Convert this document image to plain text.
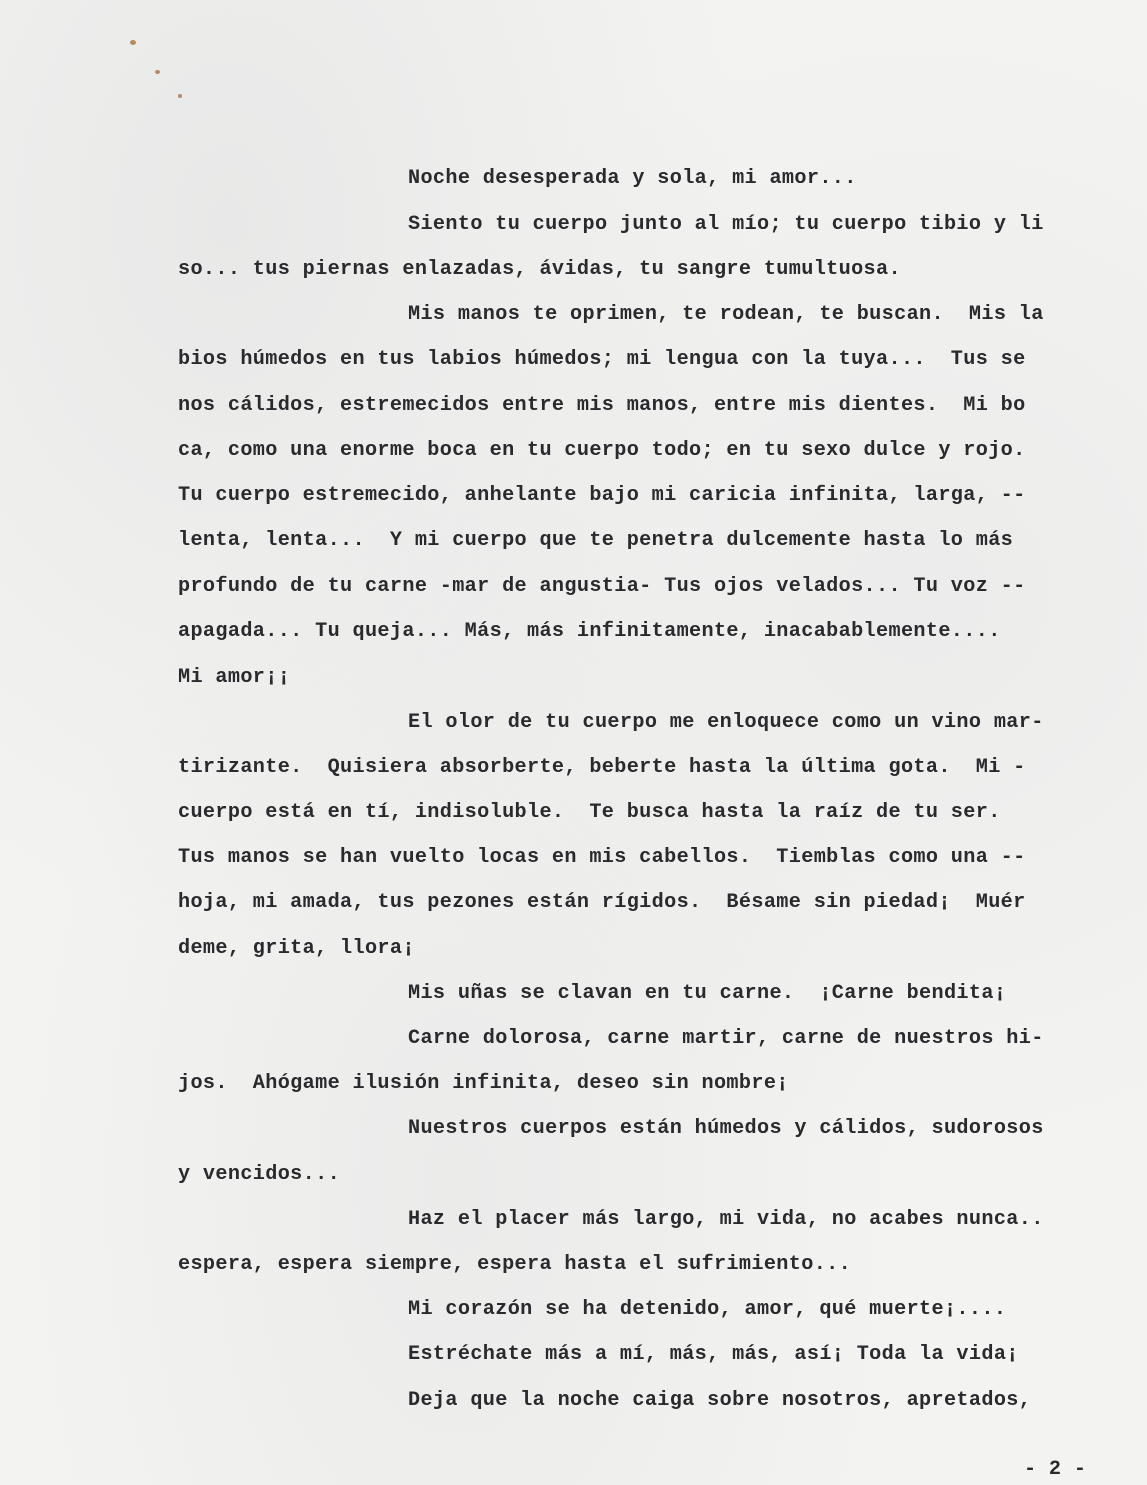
Noche desesperada y sola, mi amor...

Siento tu cuerpo junto al mío; tu cuerpo tibio y li

so... tus piernas enlazadas, ávidas, tu sangre tumultuosa.

Mis manos te oprimen, te rodean, te buscan.  Mis la

bios húmedos en tus labios húmedos; mi lengua con la tuya...  Tus se

nos cálidos, estremecidos entre mis manos, entre mis dientes.  Mi bo

ca, como una enorme boca en tu cuerpo todo; en tu sexo dulce y rojo.

Tu cuerpo estremecido, anhelante bajo mi caricia infinita, larga, --

lenta, lenta...  Y mi cuerpo que te penetra dulcemente hasta lo más

profundo de tu carne -mar de angustia- Tus ojos velados... Tu voz --

apagada... Tu queja... Más, más infinitamente, inacabablemente....

Mi amor¡¡

El olor de tu cuerpo me enloquece como un vino mar-

tirizante.  Quisiera absorberte, beberte hasta la última gota.  Mi -

cuerpo está en tí, indisoluble.  Te busca hasta la raíz de tu ser.

Tus manos se han vuelto locas en mis cabellos.  Tiemblas como una --

hoja, mi amada, tus pezones están rígidos.  Bésame sin piedad¡  Muér

deme, grita, llora¡

Mis uñas se clavan en tu carne.  ¡Carne bendita¡

Carne dolorosa, carne martir, carne de nuestros hi-

jos.  Ahógame ilusión infinita, deseo sin nombre¡

Nuestros cuerpos están húmedos y cálidos, sudorosos

y vencidos...

Haz el placer más largo, mi vida, no acabes nunca..

espera, espera siempre, espera hasta el sufrimiento...

Mi corazón se ha detenido, amor, qué muerte¡....

Estréchate más a mí, más, más, así¡ Toda la vida¡

Deja que la noche caiga sobre nosotros, apretados,

- 2 -
